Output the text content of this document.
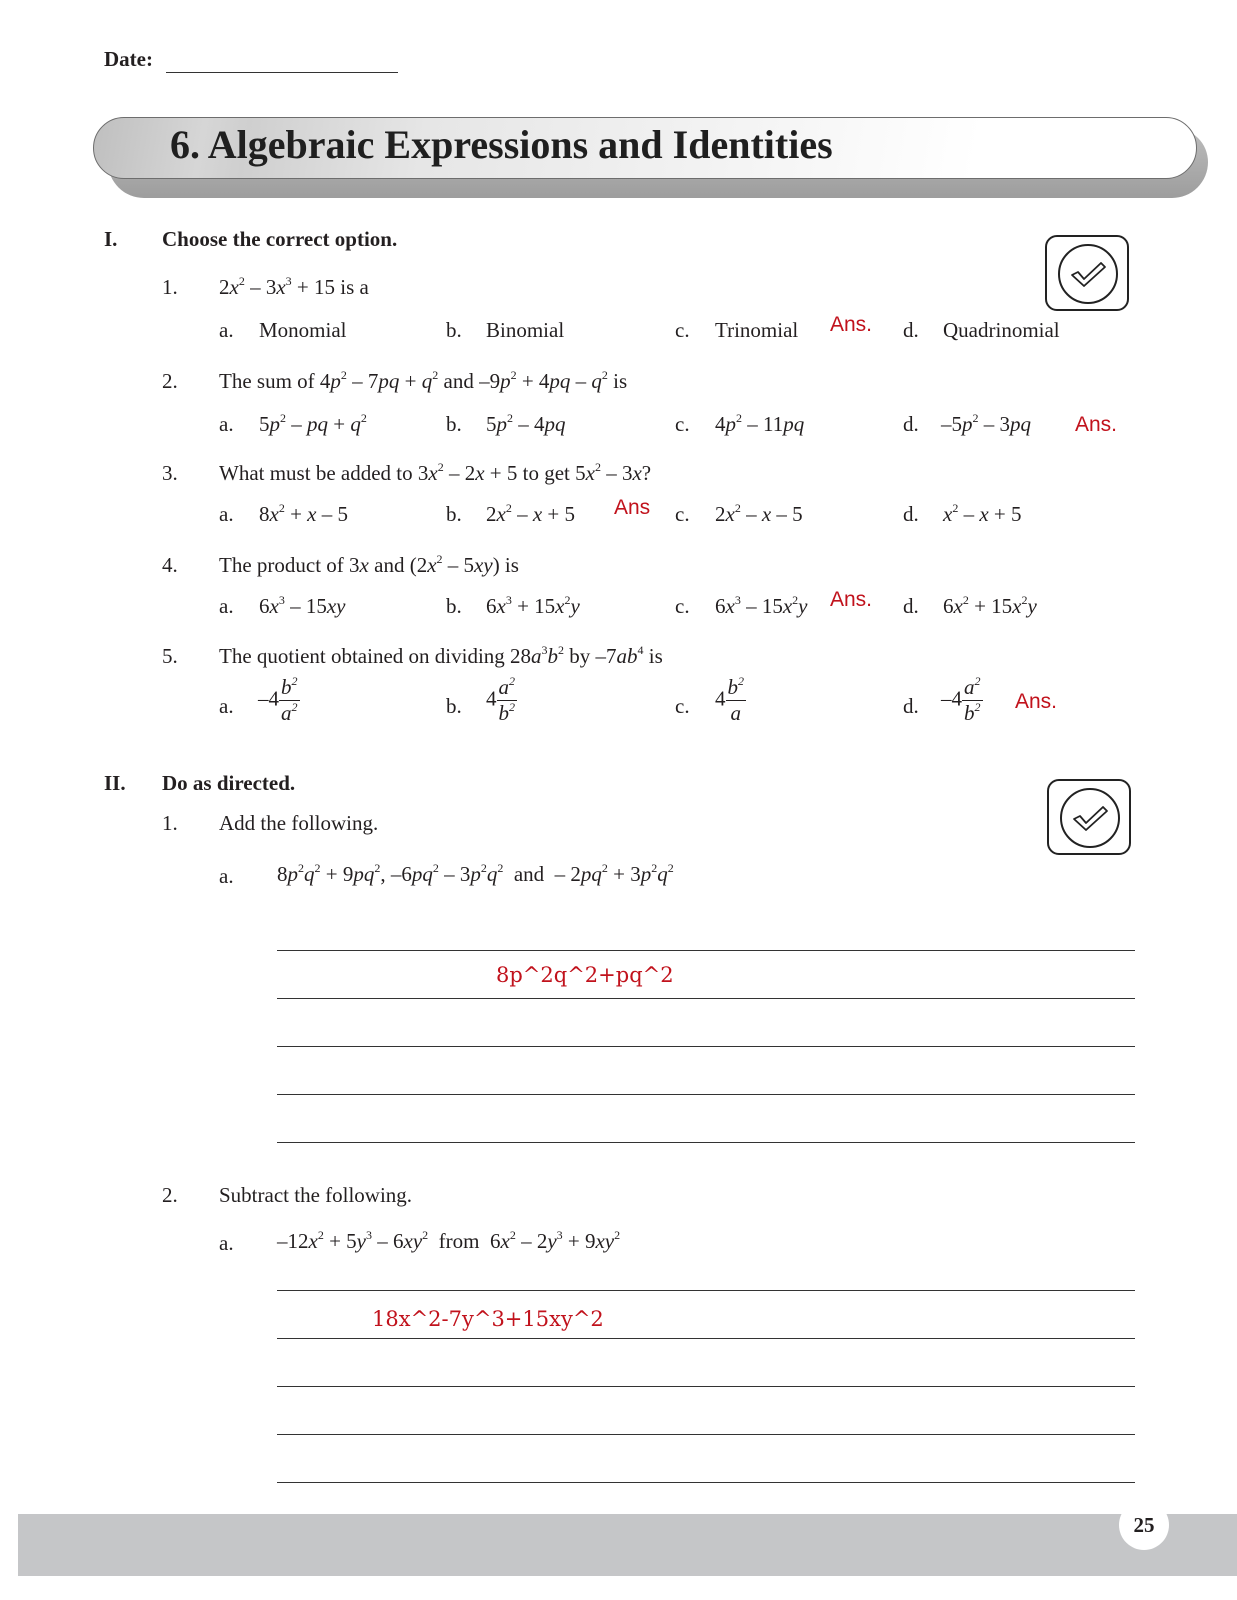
Date:
6. Algebraic Expressions and Identities
I. Choose the correct option.
1. $2x^2 - 3x^3 + 15$ is a
a. Monomial	b. Binomial	c. Trinomial Ans. d. Quadrinomial
2. The sum of $4p^2 - 7pq + q^2$ and $-9p^2 + 4pq - q^2$ is
a. $5p^2$ – pq + $q^2$	b. $5p^2 - 4pq$	c. $4p^2 - 11pq$	d. $-5p^2 - 3pq$ Ans.
3. What must be added to $3x^2 - 2x + 5$ to get $5x^2 - 3x$?
a. $8x^2 + x - 5$	b. $2x^2 - x + 5$ Ans c. $2x^2$ – x – 5	d. $x^2 - x + 5$
4. The product of 3x and $(2x^2 - 5xy)$ is
a. $6x^3 - 15xy$	b. $6x^3 + 15x^2y$	c. $6x^3 - 15x^2y$ Ans. d. $6x^2 + 15x^2y$
5. The quotient obtained on dividing $28a^3b^2$ by $-7ab^4$ is
a. $-4 \frac{b^2}{a^2}$	b. $4 \frac{a^2}{b^2}$	c. $4 \frac{b^2}{a}$	d. $-4 \frac{a^2}{b^2}$ Ans.
II. Do as directed.
1. Add the following.
a. $8p^2q^2 + 9pq^2$, $-6pq^2 - 3p^2q^2$  and  – $2pq^2 + 3p^2q^2$
8p^2q^2+pq^2
2. Subtract the following.
a. $-12x^2 + 5y^3 - 6xy^2$  from  $6x^2 - 2y^3 + 9xy^2$
18x^2-7y^3+15xy^2
25
